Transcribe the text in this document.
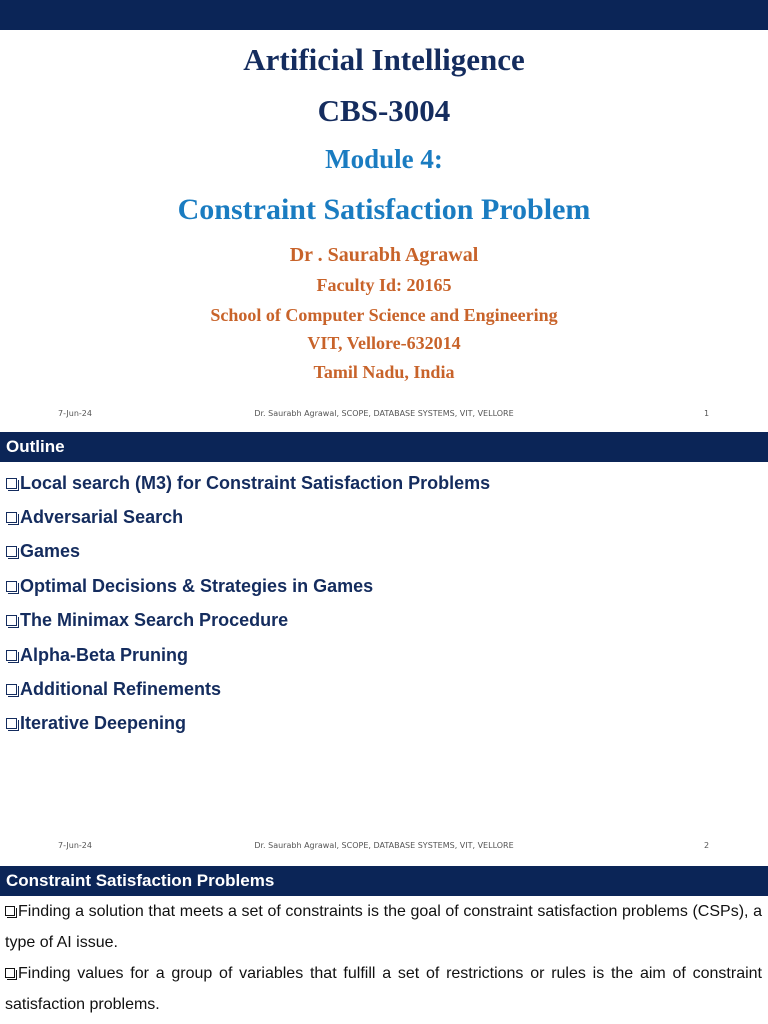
Artificial Intelligence
CBS-3004
Module 4:
Constraint Satisfaction Problem
Dr . Saurabh Agrawal
Faculty Id: 20165
School of Computer Science and Engineering
VIT, Vellore-632014
Tamil Nadu, India
7-Jun-24	Dr. Saurabh Agrawal, SCOPE, DATABASE SYSTEMS, VIT, VELLORE	1
Outline
Local search (M3) for Constraint Satisfaction Problems
Adversarial Search
Games
Optimal Decisions & Strategies in Games
The Minimax Search Procedure
Alpha-Beta Pruning
Additional Refinements
Iterative Deepening
7-Jun-24	Dr. Saurabh Agrawal, SCOPE, DATABASE SYSTEMS, VIT, VELLORE	2
Constraint Satisfaction Problems

Finding a solution that meets a set of constraints is the goal of constraint satisfaction problems (CSPs), a type of AI issue.

Finding values for a group of variables that fulfill a set of restrictions or rules is the aim of constraint satisfaction problems.
